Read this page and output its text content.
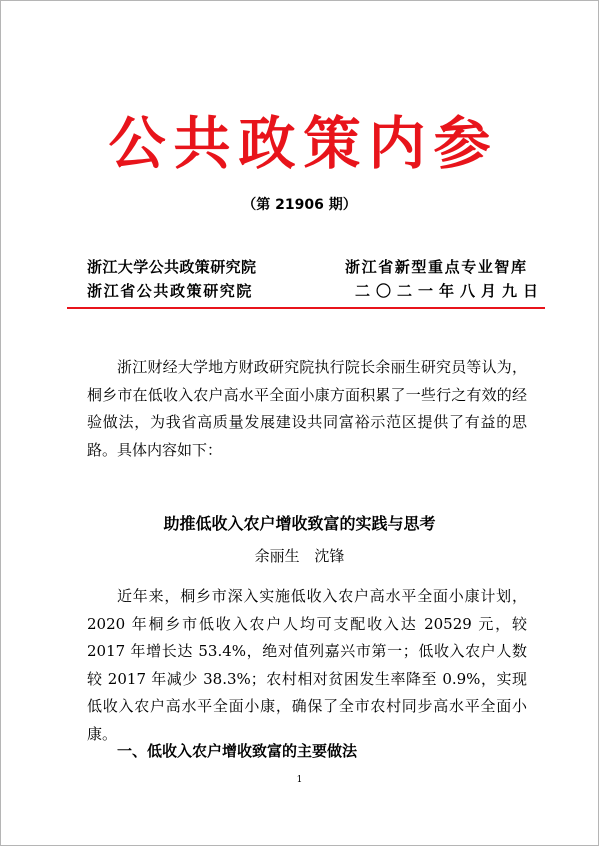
公共政策内参
（第 21906 期）
浙江大学公共政策研究院
浙江省公共政策研究院
浙江省新型重点专业智库
二〇二一年八月九日

浙江财经大学地方财政研究院执行院长余丽生研究员等认为，桐乡市在低收入农户高水平全面小康方面积累了一些行之有效的经验做法，为我省高质量发展建设共同富裕示范区提供了有益的思路。具体内容如下：

助推低收入农户增收致富的实践与思考
余丽生 沈锋

近年来，桐乡市深入实施低收入农户高水平全面小康计划，2020 年桐乡市低收入农户人均可支配收入达 20529 元，较 2017 年增长达 53.4%，绝对值列嘉兴市第一；低收入农户人数较 2017 年减少 38.3%；农村相对贫困发生率降至 0.9%，实现低收入农户高水平全面小康，确保了全市农村同步高水平全面小康。

一、低收入农户增收致富的主要做法
1
